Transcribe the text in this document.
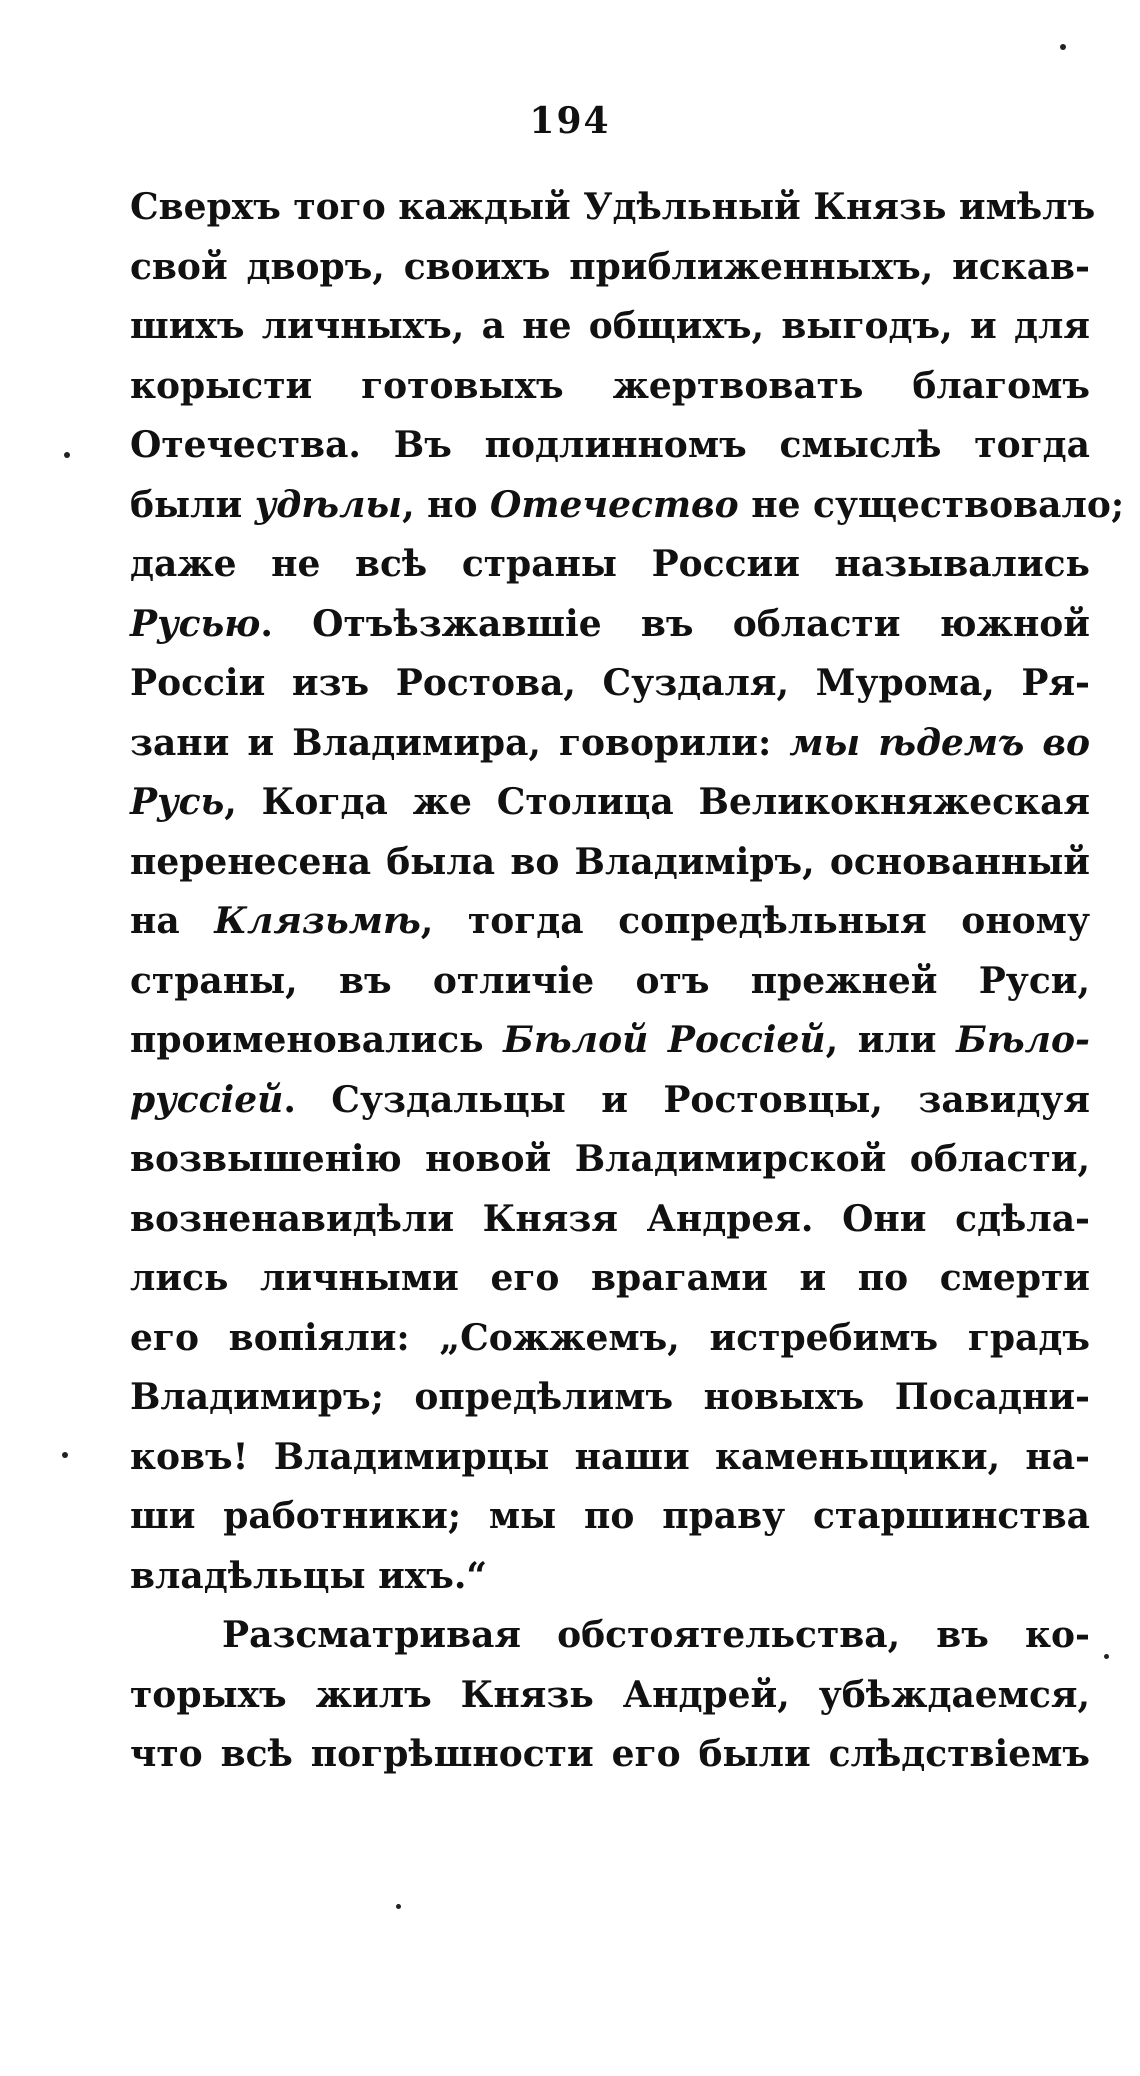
194
Сверхъ того каждый Удѣльный Князь имѣлъ
свой дворъ, своихъ приближенныхъ, искав-
шихъ личныхъ, а не общихъ, выгодъ, и для
корысти готовыхъ жертвовать благомъ
Отечества. Въ подлинномъ смыслѣ тогда
были удѣлы, но Отечество не существовало;
даже не всѣ страны России назывались
Русью. Отъѣзжавшіе въ области южной
Россіи изъ Ростова, Суздаля, Мурома, Ря-
зани и Владимира, говорили: мы ѣдемъ во
Русь, Когда же Столица Великокняжеская
перенесена была во Владиміръ, основанный
на Клязьмѣ, тогда сопредѣльныя оному
страны, въ отличіе отъ прежней Руси,
проименовались Бѣлой Россіей, или Бѣло-
руссіей. Суздальцы и Ростовцы, завидуя
возвышенію новой Владимирской области,
возненавидѣли Князя Андрея. Они сдѣла-
лись личными его врагами и по смерти
его вопіяли: „Сожжемъ, истребимъ градъ
Владимиръ; опредѣлимъ новыхъ Посадни-
ковъ! Владимирцы наши каменьщики, на-
ши работники; мы по праву старшинства
владѣльцы ихъ.“
Разсматривая обстоятельства, въ ко-
торыхъ жилъ Князь Андрей, убѣждаемся,
что всѣ погрѣшности его были слѣдствіемъ
